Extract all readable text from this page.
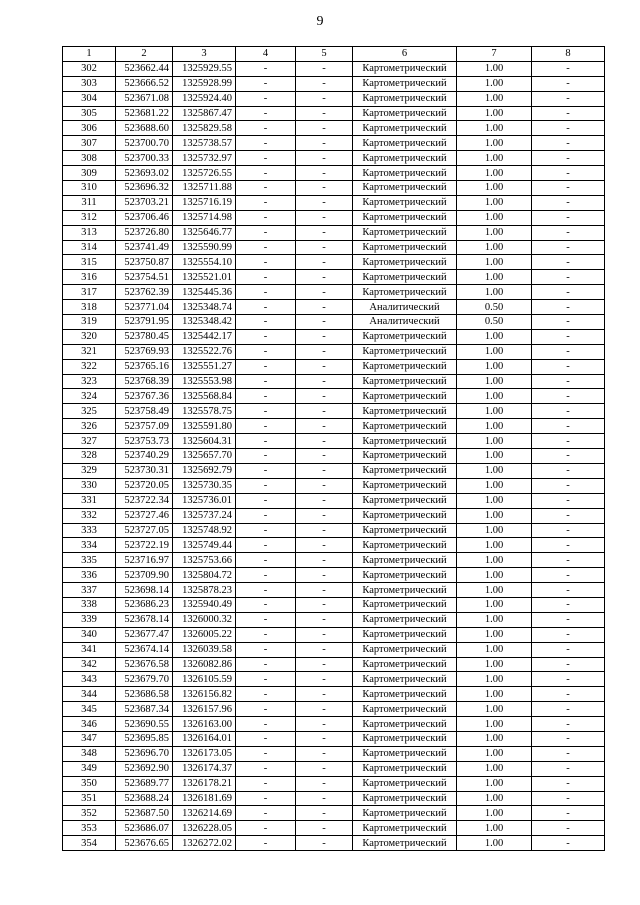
9
1	2	3	4	5	6	7	8
302	523662.44	1325929.55	-	-	Картометрический	1.00	-
303	523666.52	1325928.99	-	-	Картометрический	1.00	-
304	523671.08	1325924.40	-	-	Картометрический	1.00	-
305	523681.22	1325867.47	-	-	Картометрический	1.00	-
306	523688.60	1325829.58	-	-	Картометрический	1.00	-
307	523700.70	1325738.57	-	-	Картометрический	1.00	-
308	523700.33	1325732.97	-	-	Картометрический	1.00	-
309	523693.02	1325726.55	-	-	Картометрический	1.00	-
310	523696.32	1325711.88	-	-	Картометрический	1.00	-
311	523703.21	1325716.19	-	-	Картометрический	1.00	-
312	523706.46	1325714.98	-	-	Картометрический	1.00	-
313	523726.80	1325646.77	-	-	Картометрический	1.00	-
314	523741.49	1325590.99	-	-	Картометрический	1.00	-
315	523750.87	1325554.10	-	-	Картометрический	1.00	-
316	523754.51	1325521.01	-	-	Картометрический	1.00	-
317	523762.39	1325445.36	-	-	Картометрический	1.00	-
318	523771.04	1325348.74	-	-	Аналитический	0.50	-
319	523791.95	1325348.42	-	-	Аналитический	0.50	-
320	523780.45	1325442.17	-	-	Картометрический	1.00	-
321	523769.93	1325522.76	-	-	Картометрический	1.00	-
322	523765.16	1325551.27	-	-	Картометрический	1.00	-
323	523768.39	1325553.98	-	-	Картометрический	1.00	-
324	523767.36	1325568.84	-	-	Картометрический	1.00	-
325	523758.49	1325578.75	-	-	Картометрический	1.00	-
326	523757.09	1325591.80	-	-	Картометрический	1.00	-
327	523753.73	1325604.31	-	-	Картометрический	1.00	-
328	523740.29	1325657.70	-	-	Картометрический	1.00	-
329	523730.31	1325692.79	-	-	Картометрический	1.00	-
330	523720.05	1325730.35	-	-	Картометрический	1.00	-
331	523722.34	1325736.01	-	-	Картометрический	1.00	-
332	523727.46	1325737.24	-	-	Картометрический	1.00	-
333	523727.05	1325748.92	-	-	Картометрический	1.00	-
334	523722.19	1325749.44	-	-	Картометрический	1.00	-
335	523716.97	1325753.66	-	-	Картометрический	1.00	-
336	523709.90	1325804.72	-	-	Картометрический	1.00	-
337	523698.14	1325878.23	-	-	Картометрический	1.00	-
338	523686.23	1325940.49	-	-	Картометрический	1.00	-
339	523678.14	1326000.32	-	-	Картометрический	1.00	-
340	523677.47	1326005.22	-	-	Картометрический	1.00	-
341	523674.14	1326039.58	-	-	Картометрический	1.00	-
342	523676.58	1326082.86	-	-	Картометрический	1.00	-
343	523679.70	1326105.59	-	-	Картометрический	1.00	-
344	523686.58	1326156.82	-	-	Картометрический	1.00	-
345	523687.34	1326157.96	-	-	Картометрический	1.00	-
346	523690.55	1326163.00	-	-	Картометрический	1.00	-
347	523695.85	1326164.01	-	-	Картометрический	1.00	-
348	523696.70	1326173.05	-	-	Картометрический	1.00	-
349	523692.90	1326174.37	-	-	Картометрический	1.00	-
350	523689.77	1326178.21	-	-	Картометрический	1.00	-
351	523688.24	1326181.69	-	-	Картометрический	1.00	-
352	523687.50	1326214.69	-	-	Картометрический	1.00	-
353	523686.07	1326228.05	-	-	Картометрический	1.00	-
354	523676.65	1326272.02	-	-	Картометрический	1.00	-
